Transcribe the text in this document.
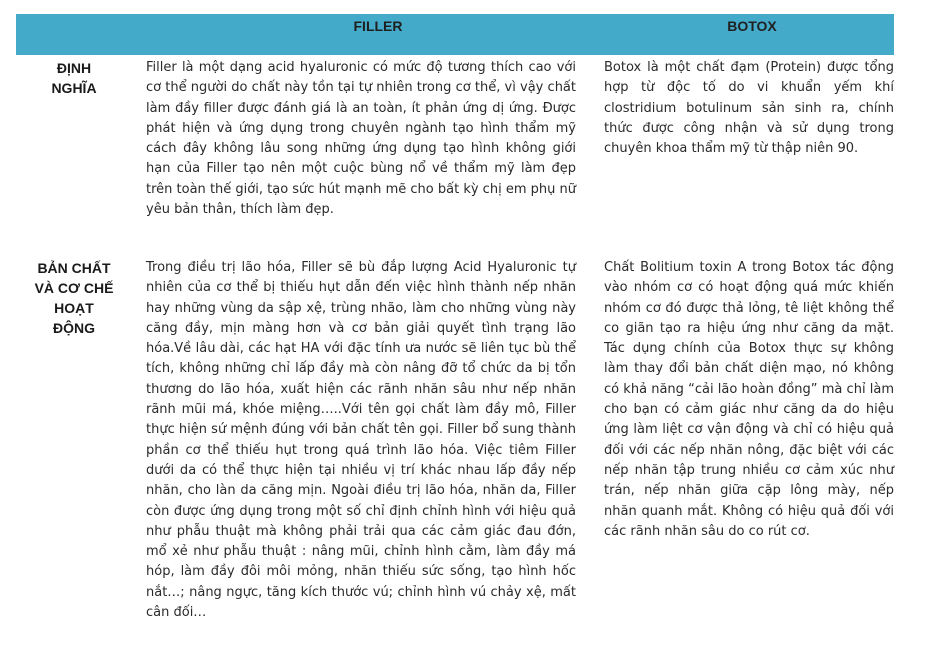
FILLER	BOTOX
ĐỊNH
NGHĨA
Filler là một dạng acid hyaluronic có mức độ tương thích cao với cơ thể người do chất này tồn tại tự nhiên trong cơ thể, vì vậy chất làm đầy filler được đánh giá là an toàn, ít phản ứng dị ứng. Được phát hiện và ứng dụng trong chuyên ngành tạo hình thẩm mỹ cách đây không lâu song những ứng dụng tạo hình không giới hạn của Filler tạo nên một cuộc bùng nổ về thẩm mỹ làm đẹp trên toàn thế giới, tạo sức hút mạnh mẽ cho bất kỳ chị em phụ nữ yêu bản thân, thích làm đẹp.
Botox là một chất đạm (Protein) được tổng hợp từ độc tố do vi khuẩn yếm khí clostridium botulinum sản sinh ra, chính thức được công nhận và sử dụng trong chuyên khoa thẩm mỹ từ thập niên 90.
BẢN CHẤT
VÀ CƠ CHẾ
HOẠT
ĐỘNG
Trong điều trị lão hóa, Filler sẽ bù đắp lượng Acid Hyaluronic tự nhiên của cơ thể bị thiếu hụt dẫn đến việc hình thành nếp nhăn hay những vùng da sập xệ, trùng nhão, làm cho những vùng này căng đầy, mịn màng hơn và cơ bản giải quyết tình trạng lão hóa.Về lâu dài, các hạt HA với đặc tính ưa nước sẽ liên tục bù thể tích, không những chỉ lấp đầy mà còn nâng đỡ tổ chức da bị tổn thương do lão hóa, xuất hiện các rãnh nhăn sâu như nếp nhăn rãnh mũi má, khóe miệng…..Với tên gọi chất làm đầy mô, Filler thực hiện sứ mệnh đúng với bản chất tên gọi. Filler bổ sung thành phần cơ thể thiếu hụt trong quá trình lão hóa. Việc tiêm Filler dưới da có thể thực hiện tại nhiều vị trí khác nhau lấp đầy nếp nhăn, cho làn da căng mịn. Ngoài điều trị lão hóa, nhăn da, Filler còn được ứng dụng trong một số chỉ định chỉnh hình với hiệu quả như phẫu thuật mà không phải trải qua các cảm giác đau đớn, mổ xẻ như phẫu thuật : nâng mũi, chỉnh hình cằm, làm đầy má hóp, làm đầy đôi môi mỏng, nhăn thiếu sức sống, tạo hình hốc nắt…; nâng ngực, tăng kích thước vú; chỉnh hình vú chảy xệ, mất cân đối…
Chất Bolitium toxin A trong Botox tác động vào nhóm cơ có hoạt động quá mức khiến nhóm cơ đó được thả lỏng, tê liệt không thể co giãn tạo ra hiệu ứng như căng da mặt. Tác dụng chính của Botox thực sự không làm thay đổi bản chất diện mạo, nó không có khả năng “cải lão hoàn đồng” mà chỉ làm cho bạn có cảm giác như căng da do hiệu ứng làm liệt cơ vận động và chỉ có hiệu quả đối với các nếp nhăn nông, đặc biệt với các nếp nhăn tập trung nhiều cơ cảm xúc như trán, nếp nhăn giữa cặp lông mày, nếp nhăn quanh mắt. Không có hiệu quả đối với các rãnh nhăn sâu do co rút cơ.
